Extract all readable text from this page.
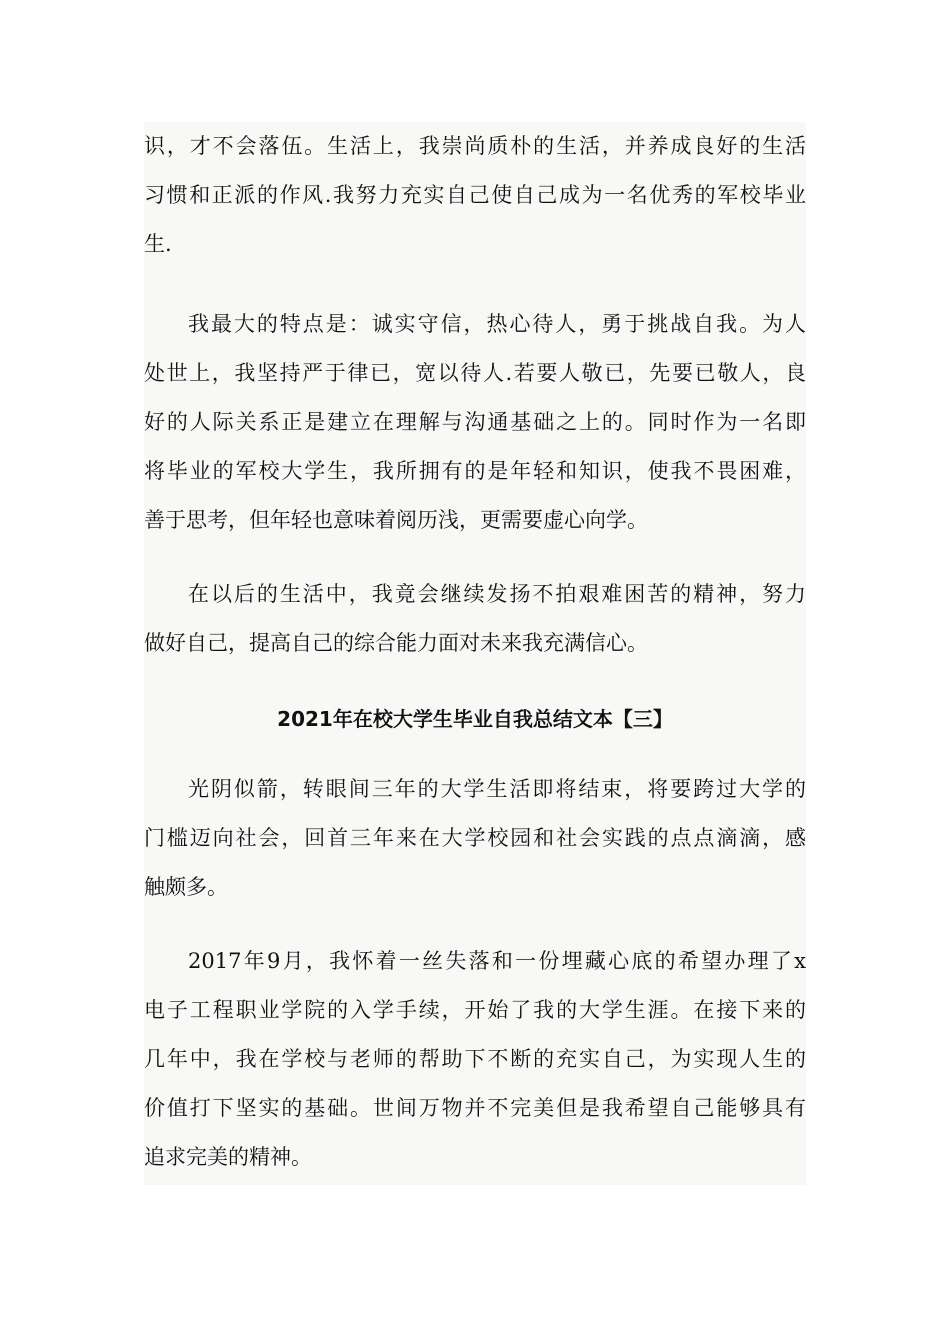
识，才不会落伍。生活上，我崇尚质朴的生活，并养成良好的生活
习惯和正派的作风.我努力充实自己使自己成为一名优秀的军校毕业
生.

我最大的特点是：诚实守信，热心待人，勇于挑战自我。为人
处世上，我坚持严于律已，宽以待人.若要人敬已，先要已敬人，良
好的人际关系正是建立在理解与沟通基础之上的。同时作为一名即
将毕业的军校大学生，我所拥有的是年轻和知识，使我不畏困难，
善于思考，但年轻也意味着阅历浅，更需要虚心向学。

在以后的生活中，我竟会继续发扬不拍艰难困苦的精神，努力
做好自己，提高自己的综合能力面对未来我充满信心。

2021年在校大学生毕业自我总结文本【三】

光阴似箭，转眼间三年的大学生活即将结束，将要跨过大学的
门槛迈向社会，回首三年来在大学校园和社会实践的点点滴滴，感
触颇多。

2017年9月，我怀着一丝失落和一份埋藏心底的希望办理了x
电子工程职业学院的入学手续，开始了我的大学生涯。在接下来的
几年中，我在学校与老师的帮助下不断的充实自己，为实现人生的
价值打下坚实的基础。世间万物并不完美但是我希望自己能够具有
追求完美的精神。
